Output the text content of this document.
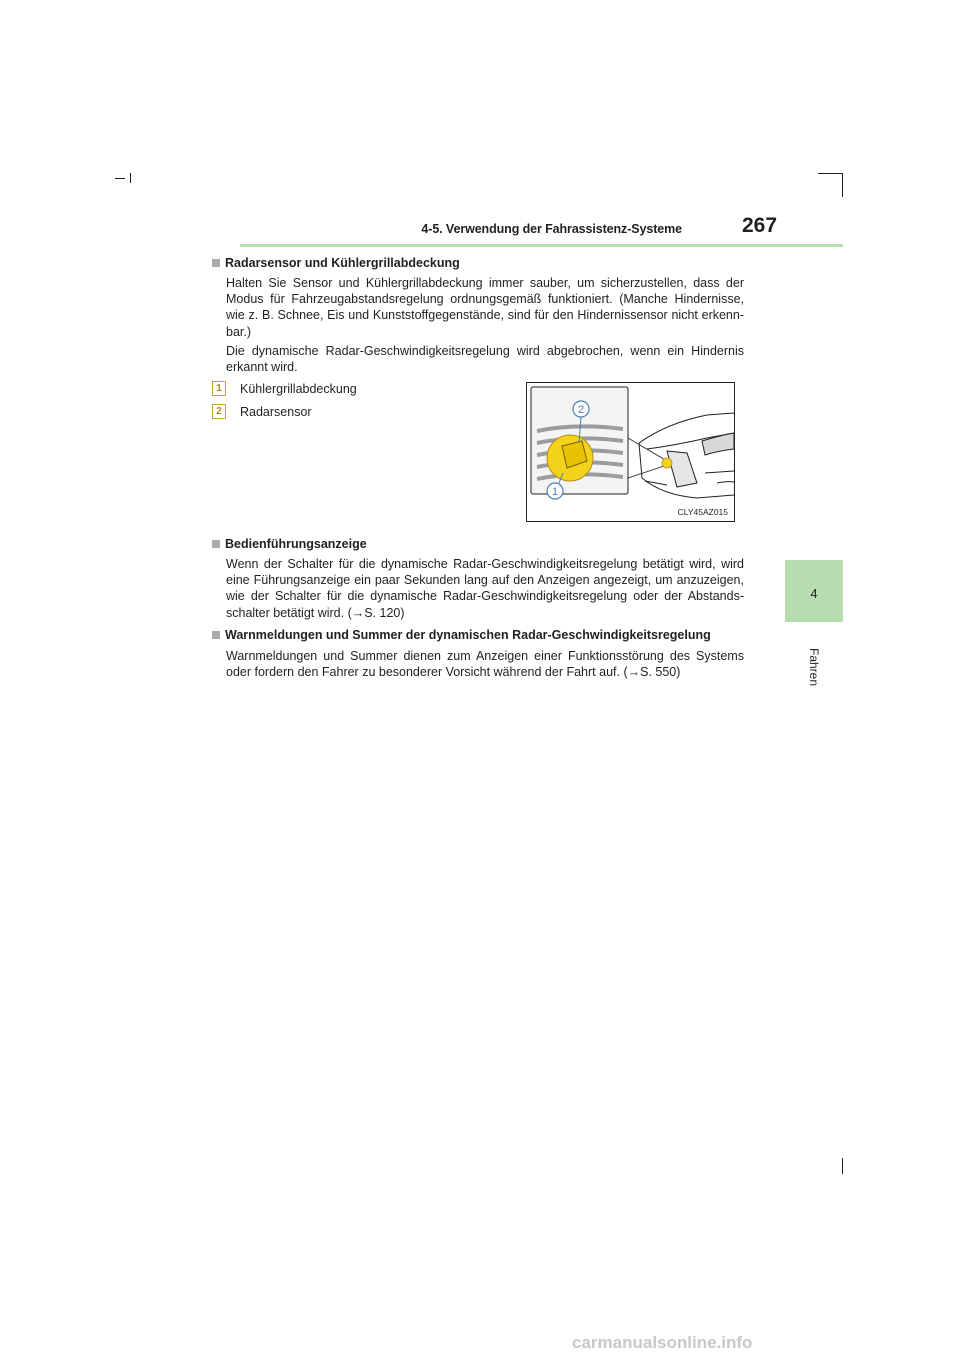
4-5. Verwendung der Fahrassistenz-Systeme	267
4
Fahren
Radarsensor und Kühlergrillabdeckung
Halten Sie Sensor und Kühlergrillabdeckung immer sauber, um sicherzustellen, dass der Modus für Fahrzeugabstandsregelung ordnungsgemäß funktioniert. (Manche Hindernisse, wie z. B. Schnee, Eis und Kunststoffgegenstände, sind für den Hindernissensor nicht erkenn-bar.)
Die dynamische Radar-Geschwindigkeitsregelung wird abgebrochen, wenn ein Hindernis erkannt wird.
1	Kühlergrillabdeckung
2	Radarsensor	2
1
CLY45AZ015
Bedienführungsanzeige
Wenn der Schalter für die dynamische Radar-Geschwindigkeitsregelung betätigt wird, wird eine Führungsanzeige ein paar Sekunden lang auf den Anzeigen angezeigt, um anzuzeigen, wie der Schalter für die dynamische Radar-Geschwindigkeitsregelung oder der Abstands-schalter betätigt wird. (→S. 120)
Warnmeldungen und Summer der dynamischen Radar-Geschwindigkeitsregelung
Warnmeldungen und Summer dienen zum Anzeigen einer Funktionsstörung des Systems oder fordern den Fahrer zu besonderer Vorsicht während der Fahrt auf. (→S. 550)
carmanualsonline.info
